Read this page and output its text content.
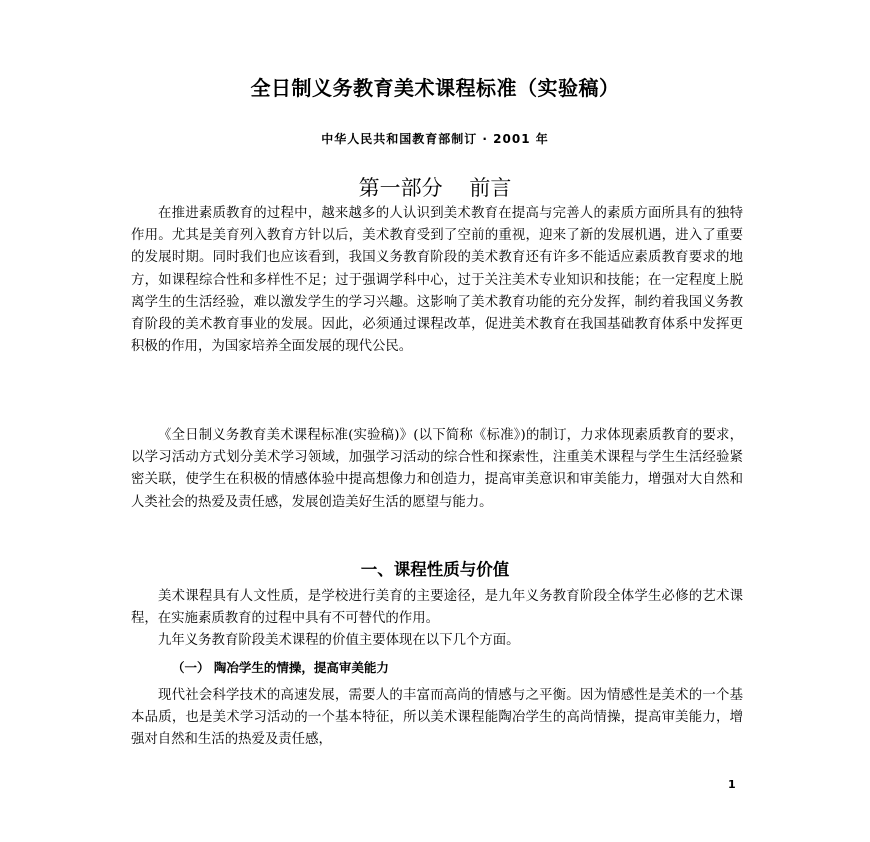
全日制义务教育美术课程标准（实验稿）
中华人民共和国教育部制订 · 2001 年
第一部分    前言

在推进素质教育的过程中，越来越多的人认识到美术教育在提高与完善人的素质方面所具有的独特作用。尤其是美育列入教育方针以后，美术教育受到了空前的重视，迎来了新的发展机遇，进入了重要的发展时期。同时我们也应该看到，我国义务教育阶段的美术教育还有许多不能适应素质教育要求的地方，如课程综合性和多样性不足；过于强调学科中心，过于关注美术专业知识和技能；在一定程度上脱离学生的生活经验，难以激发学生的学习兴趣。这影响了美术教育功能的充分发挥，制约着我国义务教育阶段的美术教育事业的发展。因此，必须通过课程改革，促进美术教育在我国基础教育体系中发挥更积极的作用，为国家培养全面发展的现代公民。

《全日制义务教育美术课程标准(实验稿)》(以下简称《标准》)的制订，力求体现素质教育的要求，以学习活动方式划分美术学习领域，加强学习活动的综合性和探索性，注重美术课程与学生生活经验紧密关联，使学生在积极的情感体验中提高想像力和创造力，提高审美意识和审美能力，增强对大自然和人类社会的热爱及责任感，发展创造美好生活的愿望与能力。

一、课程性质与价值

美术课程具有人文性质，是学校进行美育的主要途径，是九年义务教育阶段全体学生必修的艺术课程，在实施素质教育的过程中具有不可替代的作用。

九年义务教育阶段美术课程的价值主要体现在以下几个方面。

（一） 陶冶学生的情操，提高审美能力

现代社会科学技术的高速发展，需要人的丰富而高尚的情感与之平衡。因为情感性是美术的一个基本品质，也是美术学习活动的一个基本特征，所以美术课程能陶冶学生的高尚情操，提高审美能力，增强对自然和生活的热爱及责任感，

1
